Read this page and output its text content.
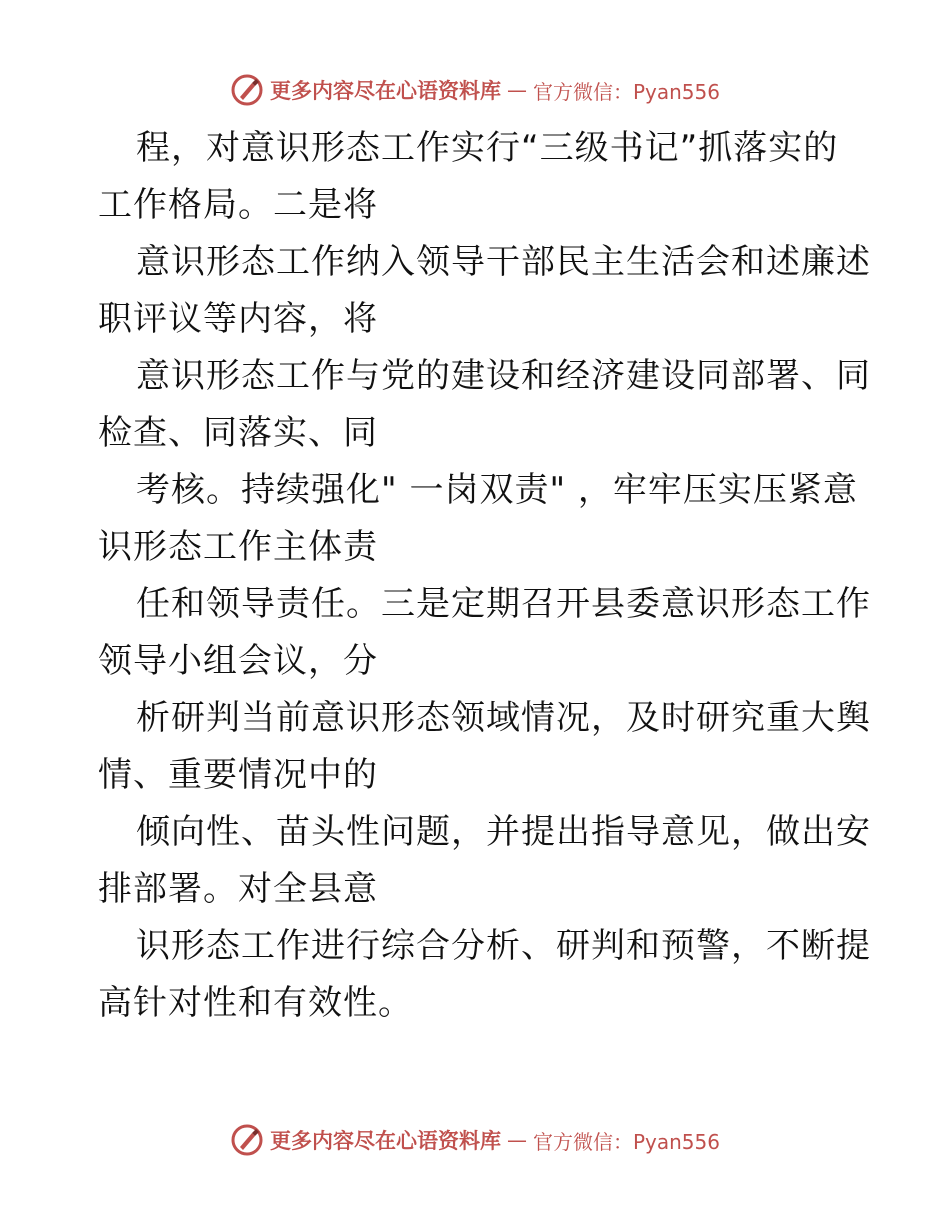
更多内容尽在心语资料库 — 官方微信：Pyan556
程，对意识形态工作实行“三级书记”抓落实的
工作格局。二是将
意识形态工作纳入领导干部民主生活会和述廉述
职评议等内容，将
意识形态工作与党的建设和经济建设同部署、同
检查、同落实、同
考核。持续强化" 一岗双责" ，牢牢压实压紧意
识形态工作主体责
任和领导责任。三是定期召开县委意识形态工作
领导小组会议，分
析研判当前意识形态领域情况，及时研究重大舆
情、重要情况中的
倾向性、苗头性问题，并提出指导意见，做出安
排部署。对全县意
识形态工作进行综合分析、研判和预警，不断提
高针对性和有效性。
更多内容尽在心语资料库 — 官方微信：Pyan556
